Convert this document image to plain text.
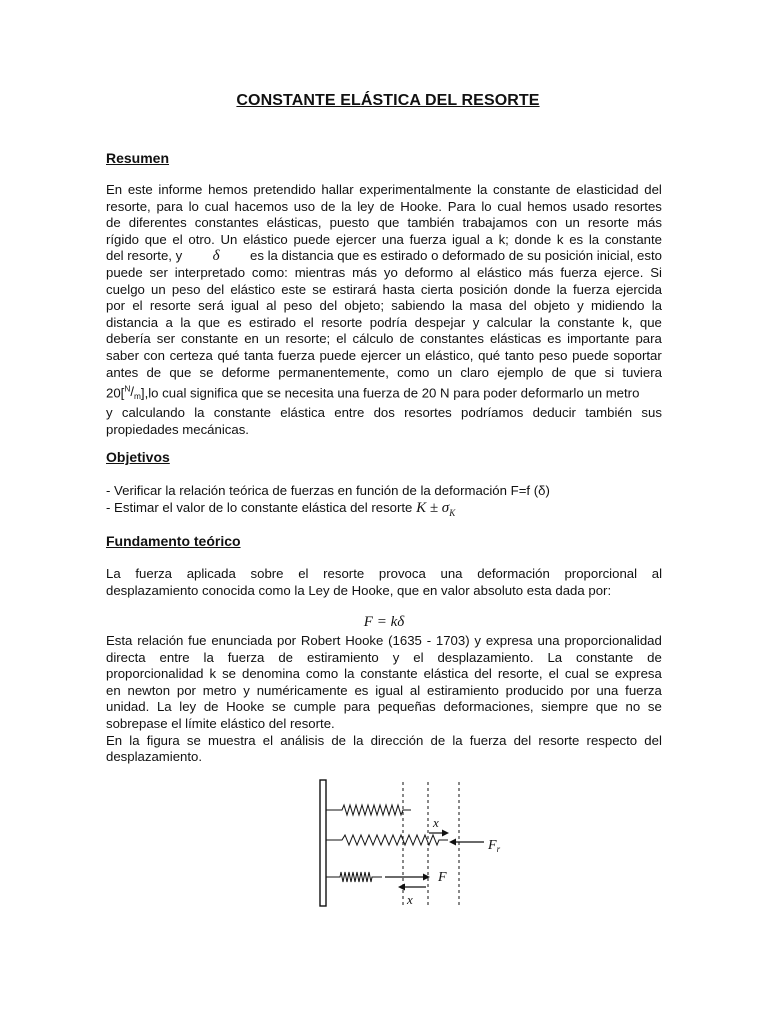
CONSTANTE ELÁSTICA DEL RESORTE
Resumen
En este informe hemos pretendido hallar experimentalmente la constante de elasticidad del
resorte, para lo cual hacemos uso de la ley de Hooke. Para lo cual hemos usado resortes
de diferentes constantes elásticas, puesto que también trabajamos con un resorte más
rígido que el otro. Un elástico puede ejercer una fuerza igual a k; donde k es la constante
del resorte, y δ es la distancia que es estirado o deformado de su posición inicial, esto
puede ser interpretado como: mientras más yo deformo al elástico más fuerza ejerce. Si
cuelgo un peso del elástico este se estirará hasta cierta posición donde la fuerza ejercida
por el resorte será igual al peso del objeto; sabiendo la masa del objeto y midiendo la
distancia a la que es estirado el resorte podría despejar y calcular la constante k, que
debería ser constante en un resorte; el cálculo de constantes elásticas es importante para
saber con certeza qué tanta fuerza puede ejercer un elástico, qué tanto peso puede soportar
antes de que se deforme permanentemente, como un claro ejemplo de que si tuviera
$20[^N/_m],lo$ cual significa que se necesita una fuerza de 20 N para poder deformarlo un metro
y calculando la constante elástica entre dos resortes podríamos deducir también sus
propiedades mecánicas.
Objetivos
- Verificar la relación teórica de fuerzas en función de la deformación F=f (δ)
- Estimar el valor de lo constante elástica del resorte $K \pm \sigma_K$
Fundamento teórico
La fuerza aplicada sobre el resorte provoca una deformación proporcional al
desplazamiento conocida como la Ley de Hooke, que en valor absoluto esta dada por:
F = kδ
Esta relación fue enunciada por Robert Hooke (1635 - 1703) y expresa una proporcionalidad
directa entre la fuerza de estiramiento y el desplazamiento. La constante de
proporcionalidad k se denomina como la constante elástica del resorte, el cual se expresa
en newton por metro y numéricamente es igual al estiramiento producido por una fuerza
unidad. La ley de Hooke se cumple para pequeñas deformaciones, siempre que no se
sobrepase el límite elástico del resorte.
En la figura se muestra el análisis de la dirección de la fuerza del resorte respecto del
desplazamiento.
x
$F_r$
F
x
